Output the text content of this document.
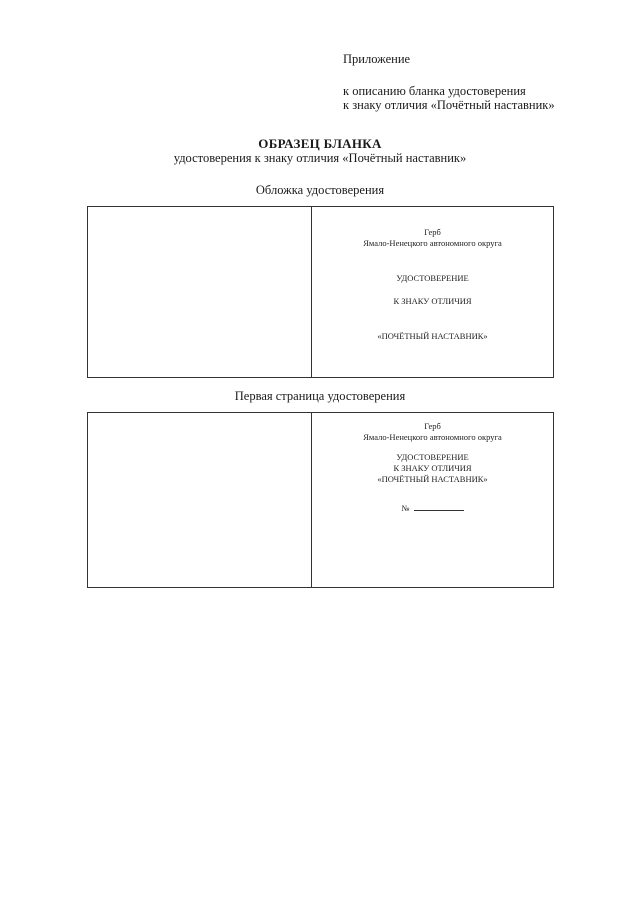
Приложение
к описанию бланка удостоверения
к знаку отличия «Почётный наставник»
ОБРАЗЕЦ БЛАНКА
удостоверения к знаку отличия «Почётный наставник»
Обложка удостоверения
Герб
Ямало-Ненецкого автономного округа
УДОСТОВЕРЕНИЕ
К ЗНАКУ ОТЛИЧИЯ
«ПОЧЁТНЫЙ НАСТАВНИК»
Первая страница удостоверения
Герб
Ямало-Ненецкого автономного округа
УДОСТОВЕРЕНИЕ
К ЗНАКУ ОТЛИЧИЯ
«ПОЧЁТНЫЙ НАСТАВНИК»
№
